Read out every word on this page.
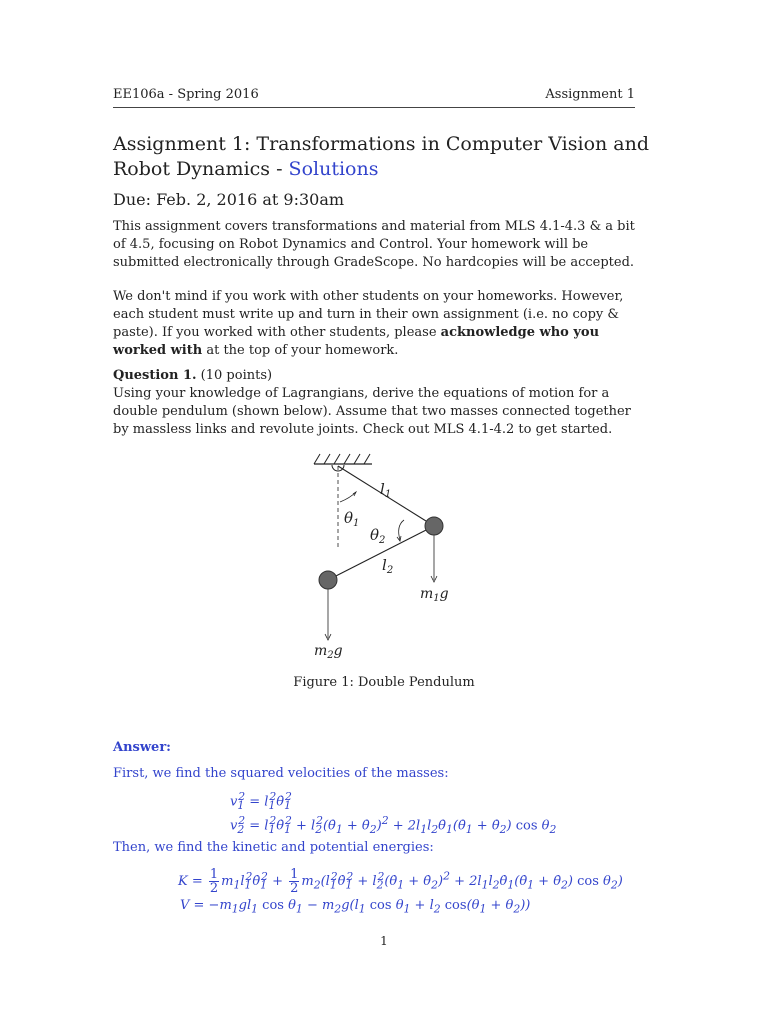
EE106a - Spring 2016	Assignment 1
Assignment 1: Transformations in Computer Vision and
Robot Dynamics - Solutions
Due: Feb. 2, 2016 at 9:30am
This assignment covers transformations and material from MLS 4.1-4.3 & a bit of 4.5, focusing on Robot Dynamics and Control. Your homework will be submitted electronically through GradeScope. No hardcopies will be accepted.
We don't mind if you work with other students on your homeworks. However, each student must write up and turn in their own assignment (i.e. no copy & paste). If you worked with other students, please acknowledge who you worked with at the top of your homework.
Question 1. (10 points)
Using your knowledge of Lagrangians, derive the equations of motion for a double pendulum (shown below). Assume that two masses connected together by massless links and revolute joints. Check out MLS 4.1-4.2 to get started.
$l_1$
$\theta_1$
$\theta_2$
$l_2$
$m_1g$
$m_2g$
Figure 1: Double Pendulum
Answer:
First, we find the squared velocities of the masses:
$v_1^2$ = $l_1^2\thetȧ_1^2$
$v_2^2$ = $l_1^2\thetȧ_1^2$ + $l_2^2(\thetȧ_1$ + $\thetȧ_2)^2$ + $2l_1l_2\thetȧ_1(\thetȧ_1$ + $\thetȧ_2$) $\cos \theta_2$
Then, we find the kinetic and potential energies:
$K = \frac{1}{2}$ $m_1l_1^2\thetȧ_1^2 + \frac{1}{2}$ $m_2(l_1^2\thetȧ_1^2$ + $l_2^2(\thetȧ_1$ + $\thetȧ_2)^2$ + $2l_1l_2\thetȧ_1(\thetȧ_1$ + $\thetȧ_2$) $\cos \theta_2$)
$V = -m_1gl_1$ $\cos \theta_1 - m_2g(l_1$ $\cos \theta_1 + l_2$ $\cos(\theta_1 + \theta_2)$)
1
